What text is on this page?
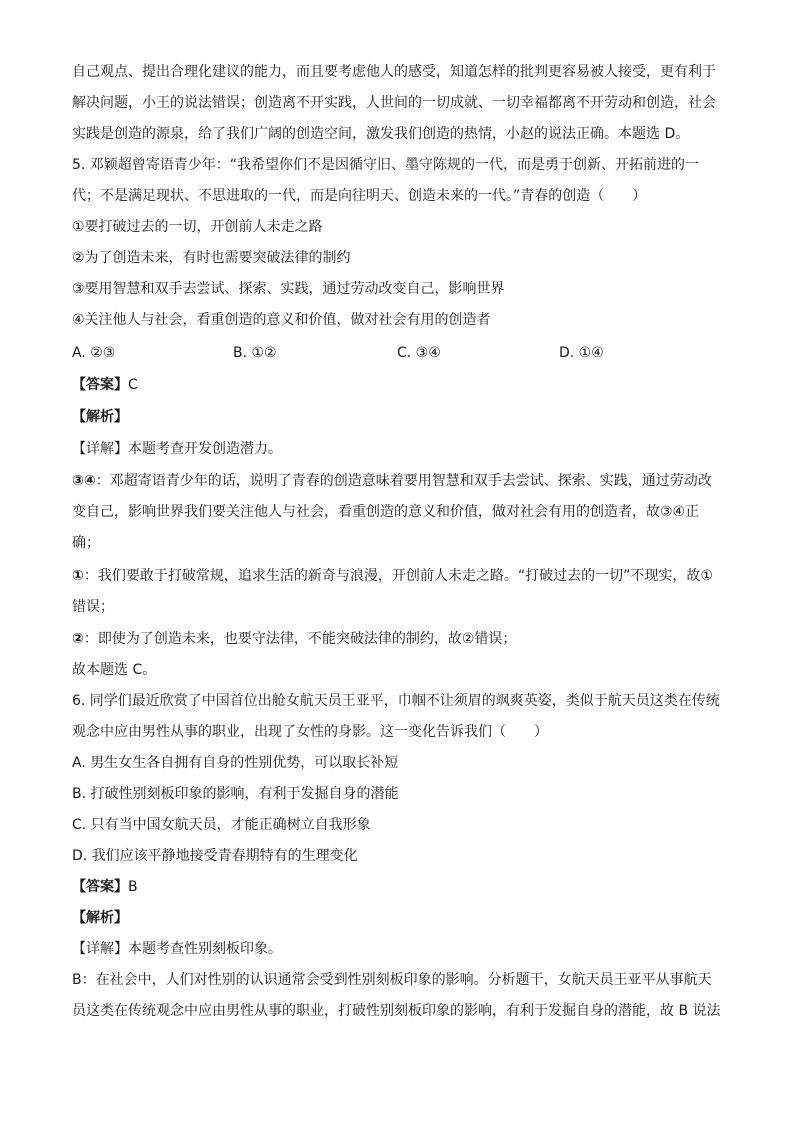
自己观点、提出合理化建议的能力，而且要考虑他人的感受，知道怎样的批判更容易被人接受，更有利于
解决问题，小王的说法错误；创造离不开实践，人世间的一切成就、一切幸福都离不开劳动和创造，社会
实践是创造的源泉，给了我们广阔的创造空间，激发我们创造的热情，小赵的说法正确。本题选 D。
5. 邓颖超曾寄语青少年：“我希望你们不是因循守旧、墨守陈规的一代，而是勇于创新、开拓前进的一
代；不是满足现状、不思进取的一代，而是向往明天、创造未来的一代。”青春的创造（　　）
①要打破过去的一切，开创前人未走之路
②为了创造未来，有时也需要突破法律的制约
③要用智慧和双手去尝试、探索、实践，通过劳动改变自己，影响世界
④关注他人与社会，看重创造的意义和价值，做对社会有用的创造者
A. ②③	B. ①②	C. ③④	D. ①④
【答案】C
【解析】
【详解】本题考查开发创造潜力。
③④：邓超寄语青少年的话，说明了青春的创造意味着要用智慧和双手去尝试、探索、实践，通过劳动改
变自己，影响世界我们要关注他人与社会，看重创造的意义和价值，做对社会有用的创造者，故③④正
确；
①：我们要敢于打破常规，追求生活的新奇与浪漫，开创前人未走之路。“打破过去的一切”不现实，故①
错误；
②：即使为了创造未来，也要守法律，不能突破法律的制约，故②错误；
故本题选 C。
6. 同学们最近欣赏了中国首位出舱女航天员王亚平，巾帼不让须眉的飒爽英姿，类似于航天员这类在传统
观念中应由男性从事的职业，出现了女性的身影。这一变化告诉我们（　　）
A. 男生女生各自拥有自身的性别优势，可以取长补短
B. 打破性别刻板印象的影响，有利于发掘自身的潜能
C. 只有当中国女航天员，才能正确树立自我形象
D. 我们应该平静地接受青春期特有的生理变化
【答案】B
【解析】
【详解】本题考查性别刻板印象。
B：在社会中，人们对性别的认识通常会受到性别刻板印象的影响。分析题干，女航天员王亚平从事航天
员这类在传统观念中应由男性从事的职业，打破性别刻板印象的影响，有利于发掘自身的潜能，故 B 说法
